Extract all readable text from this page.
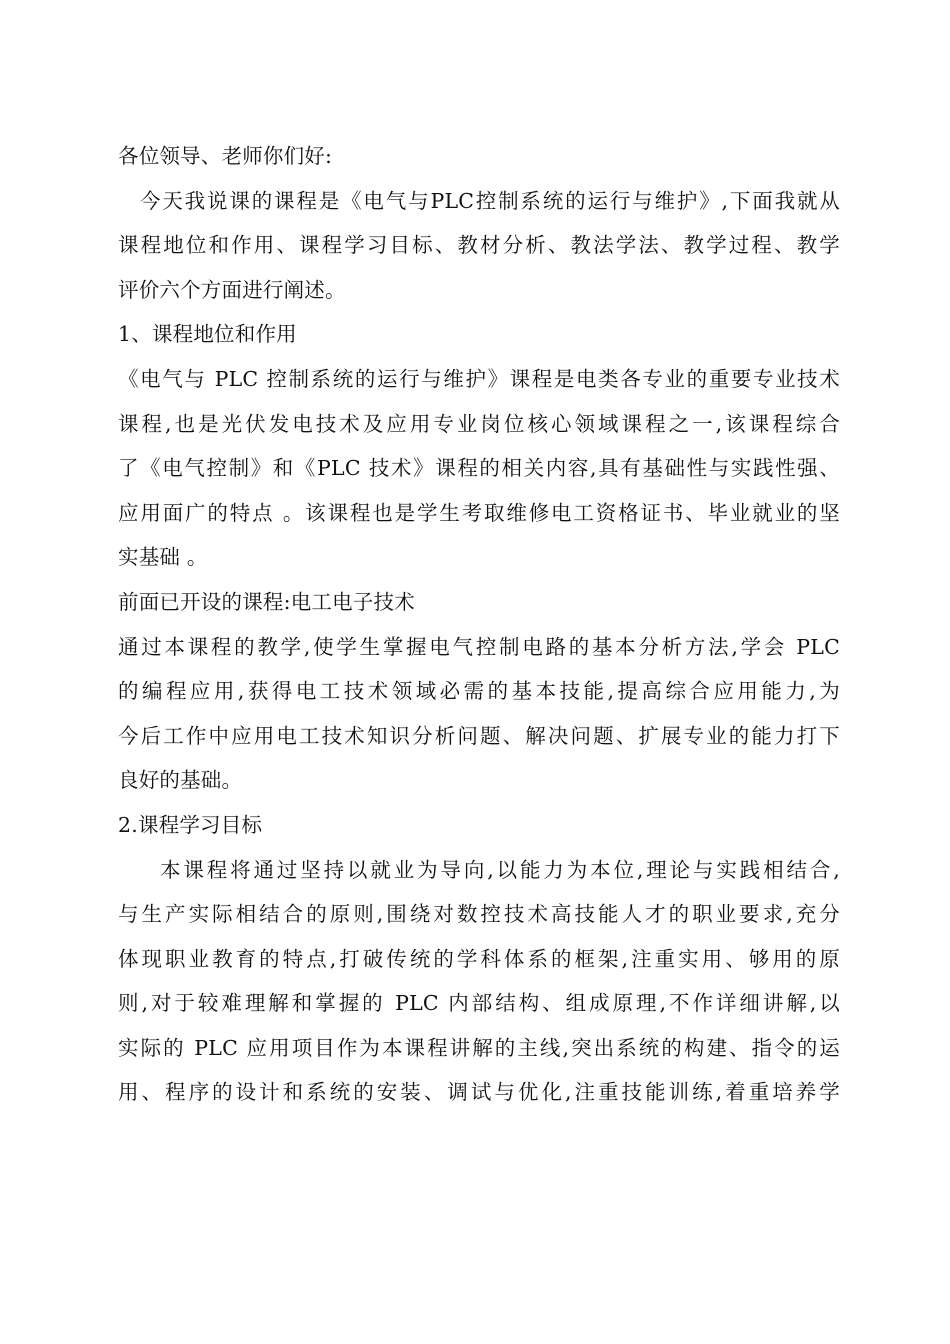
各位领导、老师你们好:
今天我说课的课程是《电气与PLC控制系统的运行与维护》,下面我就从
课程地位和作用、课程学习目标、教材分析、教法学法、教学过程、教学
评价六个方面进行阐述。
1、课程地位和作用
《电气与 PLC 控制系统的运行与维护》课程是电类各专业的重要专业技术
课程,也是光伏发电技术及应用专业岗位核心领域课程之一,该课程综合
了《电气控制》和《PLC 技术》课程的相关内容,具有基础性与实践性强、
应用面广的特点 。该课程也是学生考取维修电工资格证书、毕业就业的坚
实基础 。
前面已开设的课程:电工电子技术
通过本课程的教学,使学生掌握电气控制电路的基本分析方法,学会 PLC
的编程应用,获得电工技术领域必需的基本技能,提高综合应用能力,为
今后工作中应用电工技术知识分析问题、解决问题、扩展专业的能力打下
良好的基础。
2.课程学习目标
本课程将通过坚持以就业为导向,以能力为本位,理论与实践相结合,
与生产实际相结合的原则,围绕对数控技术高技能人才的职业要求,充分
体现职业教育的特点,打破传统的学科体系的框架,注重实用、够用的原
则,对于较难理解和掌握的 PLC 内部结构、组成原理,不作详细讲解,以
实际的 PLC 应用项目作为本课程讲解的主线,突出系统的构建、指令的运
用、程序的设计和系统的安装、调试与优化,注重技能训练,着重培养学
